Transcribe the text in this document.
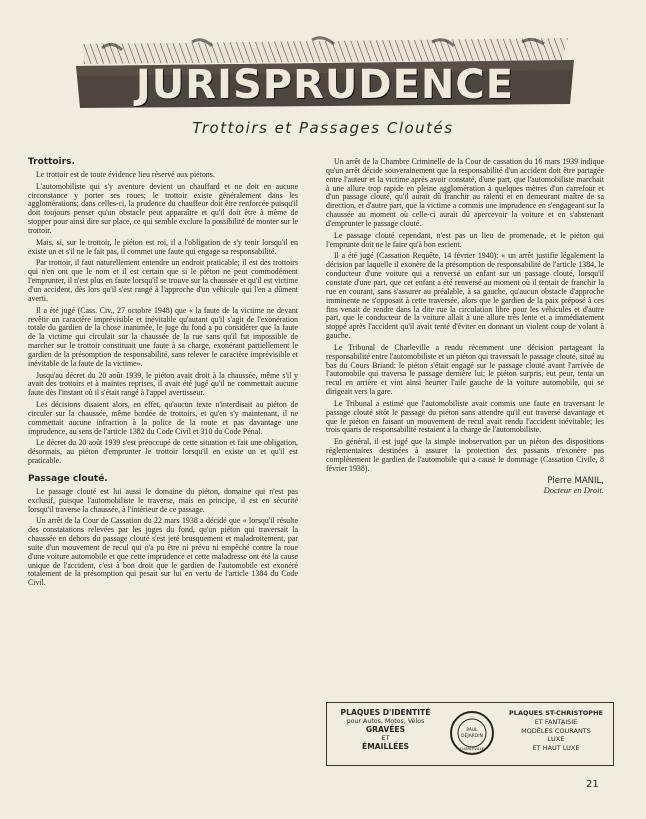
JURISPRUDENCE
Trottoirs et Passages Cloutés
Trottoirs.

Le trottoir est de toute évidence lieu réservé aux piétons.

L'automobiliste qui s'y aventure devient un chauffard et ne doit en aucune circonstance y porter ses roues; le trottoir existe généralement dans les agglomérations; dans celles-ci, la prudence du chauffeur doit être renforcée puisqu'il doit toujours penser qu'un obstacle peut apparaître et qu'il doit être à même de stopper pour ainsi dire sur place, ce qui semble exclure la possibilité de monter sur le trottoir.

Mais, si, sur le trottoir, le piéton est roi, il a l'obligation de s'y tenir lorsqu'il en existe un et s'il ne le fait pas, il commet une faute qui engage sa responsabilité.

Par trottoir, il faut naturellement entendre un endroit praticable; il est des trottoirs qui n'en ont que le nom et il est certain que si le piéton ne peut commodément l'emprunter, il n'est plus en faute lorsqu'il se trouve sur la chaussée et qu'il est victime d'un accident, dès lors qu'il s'est rangé à l'approche d'un véhicule qui l'en a dûment averti.

Il a été jugé (Cass. Civ., 27 octobre 1948) que « la faute de la victime ne devant revêtir un caractère imprévisible et inévitable qu'autant qu'il s'agit de l'exonération totale du gardien de la chose inanimée, le juge du fond a pu considérer que la faute de la victime qui circulait sur la chaussée de la rue sans qu'il fut impossible de marcher sur le trottoir constituait une faute à sa charge, exonérant partiellement le gardien de la présomption de responsabilité, sans relever le caractère imprévisible et inévitable de la faute de la victime».

Jusqu'au décret du 20 août 1939, le piéton avait droit à la chaussée, même s'il y avait des trottoirs et à maintes reprises, il avait été jugé qu'il ne commettait aucune faute dès l'instant où il s'était rangé à l'appel avertisseur.

Les décisions disaient alors, en effet, qu'aucun texte n'interdisait au piéton de circuler sur la chaussée, même bordée de trottoirs, et qu'en s'y maintenant, il ne commettait aucune infraction à la police de la route et pas davantage une imprudence, au sens de l'article 1382 du Code Civil et 310 du Code Pénal.

Le décret du 20 août 1939 s'est préoccupé de cette situation et fait une obligation, désormais, au piéton d'emprunter le trottoir lorsqu'il en existe un et qu'il est praticable.

Passage clouté.

Le passage clouté est lui aussi le domaine du piéton, domaine qui n'est pas exclusif, puisque l'automobiliste le traverse, mais en principe, il est en sécurité lorsqu'il traverse la chaussée, à l'intérieur de ce passage.

Un arrêt de la Cour de Cassation du 22 mars 1938 a décidé que « lorsqu'il résulte des constatations relevées par les juges du fond, qu'un piéton qui traversait la chaussée en dehors du passage clouté s'est jeté brusquement et maladroitement, par suite d'un mouvement de recul qui n'a pu être ni prévu ni empêché contre la roue d'une voiture automobile et que cette imprudence et cette maladresse ont été la cause unique de l'accident, c'est à bon droit que le gardien de l'automobile est exonéré totalement de la présomption qui pesait sur lui en vertu de l'article 1384 du Code Civil.

Un arrêt de la Chambre Criminelle de la Cour de cassation du 16 mars 1939 indique qu'un arrêt décide souverainement que la responsabilité d'un accident doit être partagée entre l'auteur et la victime après avoir constaté, d'une part, que l'automobiliste marchait à une allure trop rapide en pleine agglomération à quelques mètres d'un carrefour et d'un passage clouté, qu'il aurait dû franchir au ralenti et en demeurant maître de sa direction, et d'autre part, que la victime a commis une imprudence en s'engageant sur la chaussée au moment où celle-ci aurait dû apercevoir la voiture et en s'abstenant d'emprunter le passage clouté.

Le passage clouté cependant, n'est pas un lieu de promenade, et le piéton qui l'emprunte doit ne le faire qu'à bon escient.

Il a été jugé (Cassation Requête, 14 février 1940): « un arrêt justifie légalement la décision par laquelle il exonère de la présomption de responsabilité de l'article 1384, le conducteur d'une voiture qui a renversé un enfant sur un passage clouté, lorsqu'il constate d'une part, que cet enfant a été renversé au moment où il tentait de franchir la rue en courant, sans s'assurer au préalable, à sa gauche, qu'aucun obstacle d'approche imminente ne s'opposait à cette traversée, alors que le gardien de la paix préposé à ces fins venait de rendre dans la dite rue la circulation libre pour les véhicules et d'autre part, que le conducteur de la voiture allait à une allure très lente et a immédiatement stoppé après l'accident qu'il avait tenté d'éviter en donnant un violent coup de volant à gauche.

Le Tribunal de Charleville a rendu récemment une décision partageant la responsabilité entre l'automobiliste et un piéton qui traversait le passage clouté, situé au bas du Cours Briand: le piéton s'était engagé sur le passage clouté avant l'arrivée de l'automobile qui traversa le passage dernière lui; le piéton surpris, eut peur, tenta un recul en arrière et vint ainsi heurter l'aile gauche de la voiture automobile, qui se dirigeait vers la gare.

Le Tribunal a estimé que l'automobiliste avait commis une faute en traversant le passage clouté sitôt le passage du piéton sans attendre qu'il eut traversé davantage et que le piéton en faisant un mouvement de recul avait rendu l'accident inévitable; les trois quarts de responsabilité restaient à la charge de l'automobiliste.

En général, il est jugé que la simple inobservation par un piéton des dispositions réglementaires destinées à assurer la protection des passants n'exonère pas complètement le gardien de l'automobile qui a causé le dommage (Cassation Civile, 8 février 1938).

Pierre MANIL,
Docteur en Droit.
PLAQUES D'IDENTITÉ
pour Autos, Motos, Vélos
GRAVÉES
ET
ÉMAILLÉES
PAUL
DEJARDIN
CHARLEVILLE
PLAQUES ST-CHRISTOPHE
ET FANTAISIE
MODÈLES COURANTS
LUXE
ET HAUT LUXE
21
